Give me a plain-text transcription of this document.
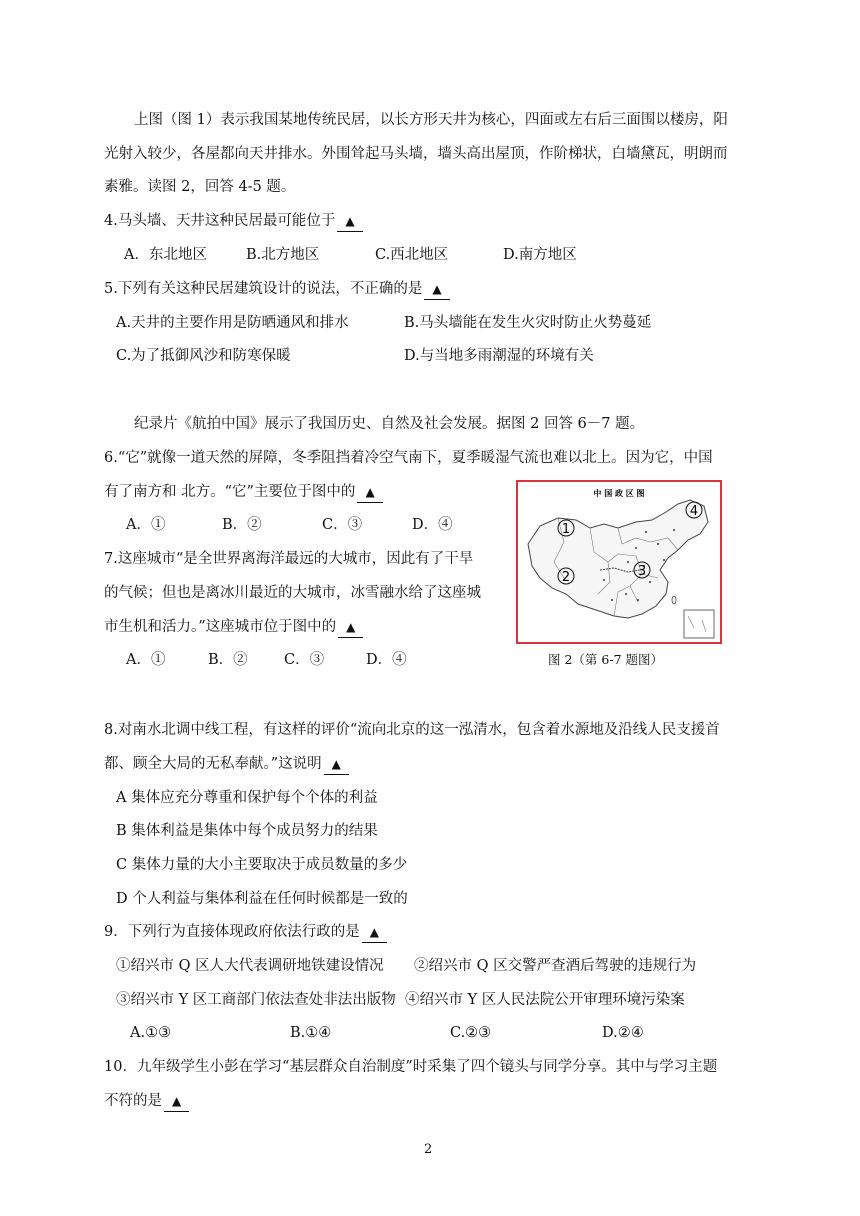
上图（图 1）表示我国某地传统民居，以长方形天井为核心，四面或左右后三面围以楼房，阳
光射入较少，各屋都向天井排水。外围耸起马头墙，墙头高出屋顶，作阶梯状，白墙黛瓦，明朗而
素雅。读图 2，回答 4-5 题。
4.马头墙、天井这种民居最可能位于 ▲
A．东北地区	B.北方地区	C.西北地区	D.南方地区
5.下列有关这种民居建筑设计的说法，不正确的是 ▲
A.天井的主要作用是防晒通风和排水	B.马头墙能在发生火灾时防止火势蔓延
C.为了抵御风沙和防寒保暖	D.与当地多雨潮湿的环境有关
纪录片《航拍中国》展示了我国历史、自然及社会发展。据图 2 回答 6－7 题。
6.“它”就像一道天然的屏障，冬季阻挡着冷空气南下，夏季暖湿气流也难以北上。因为它，中国
有了南方和 北方。“它”主要位于图中的 ▲
A．①	B．②	C．③	D．④
7.这座城市“是全世界离海洋最远的大城市，因此有了干旱
的气候；但也是离冰川最近的大城市，冰雪融水给了这座城
市生机和活力。”这座城市位于图中的 ▲
A．①	B．②	C．③	D．④
中 国 政 区 图
1
2	3
4
图 2（第 6-7 题图）
8.对南水北调中线工程，有这样的评价“流向北京的这一泓清水，包含着水源地及沿线人民支援首
都、顾全大局的无私奉献。”这说明 ▲
A 集体应充分尊重和保护每个个体的利益
B 集体利益是集体中每个成员努力的结果
C 集体力量的大小主要取决于成员数量的多少
D 个人利益与集体利益在任何时候都是一致的
9．下列行为直接体现政府依法行政的是 ▲
①绍兴市 Q 区人大代表调研地铁建设情况 ②绍兴市 Q 区交警严查酒后驾驶的违规行为
③绍兴市 Y 区工商部门依法查处非法出版物 ④绍兴市 Y 区人民法院公开审理环境污染案
A.①③	B.①④	C.②③	D.②④
10．九年级学生小彭在学习“基层群众自治制度”时采集了四个镜头与同学分享。其中与学习主题
不符的是 ▲
2
